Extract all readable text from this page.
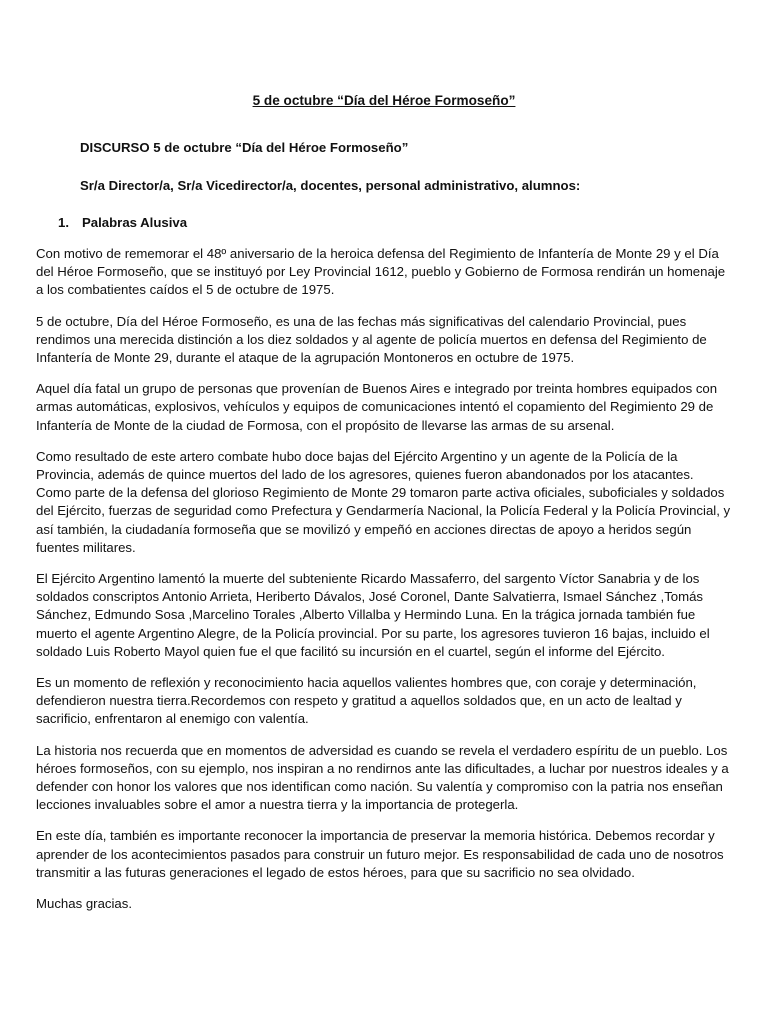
5 de octubre “Día del Héroe Formoseño”

DISCURSO 5 de octubre “Día del Héroe Formoseño”

Sr/a Director/a, Sr/a Vicedirector/a, docentes, personal administrativo, alumnos:

1. Palabras Alusiva

Con motivo de rememorar el 48º aniversario de la heroica defensa del Regimiento de Infantería de Monte 29 y el Día del Héroe Formoseño, que se instituyó por Ley Provincial 1612, pueblo y Gobierno de Formosa rendirán un homenaje a los combatientes caídos el 5 de octubre de 1975.

5 de octubre, Día del Héroe Formoseño, es una de las fechas más significativas del calendario Provincial, pues rendimos una merecida distinción a los diez soldados y al agente de policía muertos en defensa del Regimiento de Infantería de Monte 29, durante el ataque de la agrupación Montoneros en octubre de 1975.

Aquel día fatal un grupo de personas que provenían de Buenos Aires e integrado por treinta hombres equipados con armas automáticas, explosivos, vehículos y equipos de comunicaciones intentó el copamiento del Regimiento 29 de Infantería de Monte de la ciudad de Formosa, con el propósito de llevarse las armas de su arsenal.

Como resultado de este artero combate hubo doce bajas del Ejército Argentino y un agente de la Policía de la Provincia, además de quince muertos del lado de los agresores, quienes fueron abandonados por los atacantes. Como parte de la defensa del glorioso Regimiento de Monte 29 tomaron parte activa oficiales, suboficiales y soldados del Ejército, fuerzas de seguridad como Prefectura y Gendarmería Nacional, la Policía Federal y la Policía Provincial, y así también, la ciudadanía formoseña que se movilizó y empeñó en acciones directas de apoyo a heridos según fuentes militares.

El Ejército Argentino lamentó la muerte del subteniente Ricardo Massaferro, del sargento Víctor Sanabria y de los soldados conscriptos Antonio Arrieta, Heriberto Dávalos, José Coronel, Dante Salvatierra, Ismael Sánchez ,Tomás Sánchez, Edmundo Sosa ,Marcelino Torales ,Alberto Villalba y Hermindo Luna. En la trágica jornada también fue muerto el agente Argentino Alegre, de la Policía provincial. Por su parte, los agresores tuvieron 16 bajas, incluido el soldado Luis Roberto Mayol quien fue el que facilitó su incursión en el cuartel, según el informe del Ejército.

Es un momento de reflexión y reconocimiento hacia aquellos valientes hombres que, con coraje y determinación, defendieron nuestra tierra.Recordemos con respeto y gratitud a aquellos soldados que, en un acto de lealtad y sacrificio, enfrentaron al enemigo con valentía.

La historia nos recuerda que en momentos de adversidad es cuando se revela el verdadero espíritu de un pueblo. Los héroes formoseños, con su ejemplo, nos inspiran a no rendirnos ante las dificultades, a luchar por nuestros ideales y a defender con honor los valores que nos identifican como nación. Su valentía y compromiso con la patria nos enseñan lecciones invaluables sobre el amor a nuestra tierra y la importancia de protegerla.

En este día, también es importante reconocer la importancia de preservar la memoria histórica. Debemos recordar y aprender de los acontecimientos pasados para construir un futuro mejor. Es responsabilidad de cada uno de nosotros transmitir a las futuras generaciones el legado de estos héroes, para que su sacrificio no sea olvidado.

Muchas gracias.
